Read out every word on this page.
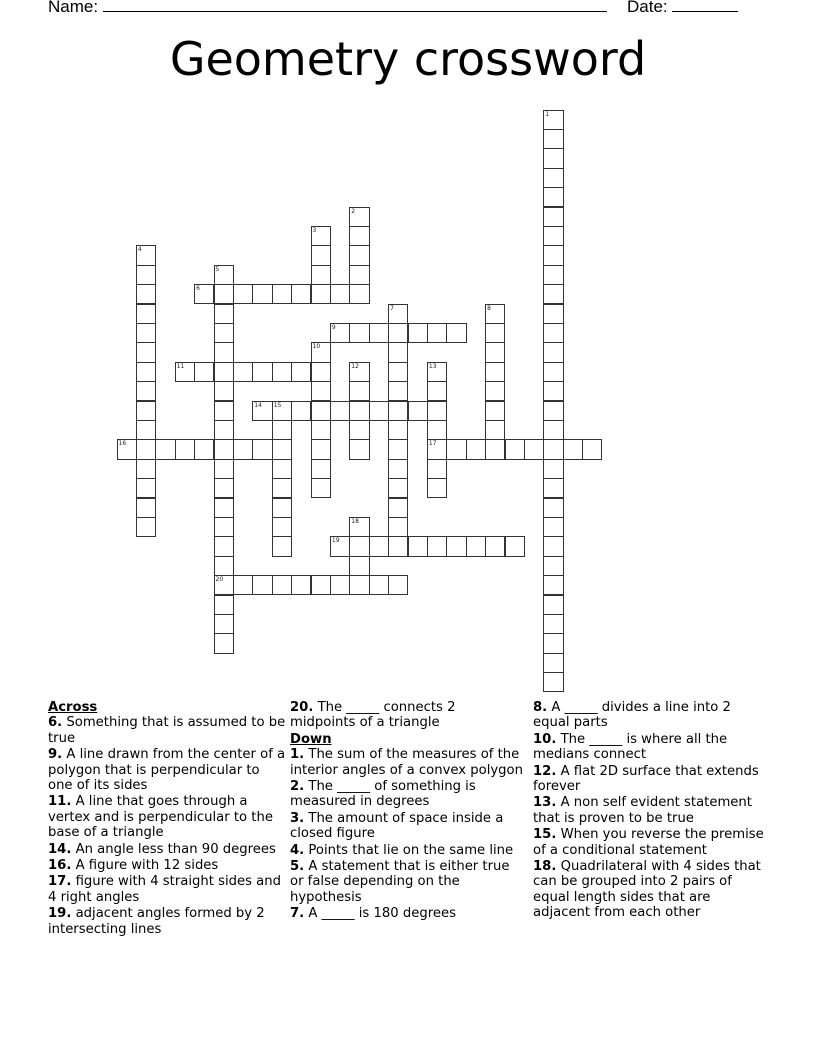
Name:	Date:
Geometry crossword
1
2
3
4
5
20
6
7	8
9
10
11	12	13
17
14 15
16
18
19
Across
6. Something that is assumed to be true
9. A line drawn from the center of a polygon that is perpendicular to one of its sides
11. A line that goes through a vertex and is perpendicular to the base of a triangle
14. An angle less than 90 degrees
16. A figure with 12 sides
17. figure with 4 straight sides and 4 right angles
19. adjacent angles formed by 2 intersecting lines
20. The _____ connects 2 midpoints of a triangle
Down
1. The sum of the measures of the interior angles of a convex polygon
2. The _____ of something is measured in degrees
3. The amount of space inside a closed figure
4. Points that lie on the same line
5. A statement that is either true or false depending on the hypothesis
7. A _____ is 180 degrees
8. A _____ divides a line into 2 equal parts
10. The _____ is where all the medians connect
12. A flat 2D surface that extends forever
13. A non self evident statement that is proven to be true
15. When you reverse the premise of a conditional statement
18. Quadrilateral with 4 sides that can be grouped into 2 pairs of equal length sides that are adjacent from each other
